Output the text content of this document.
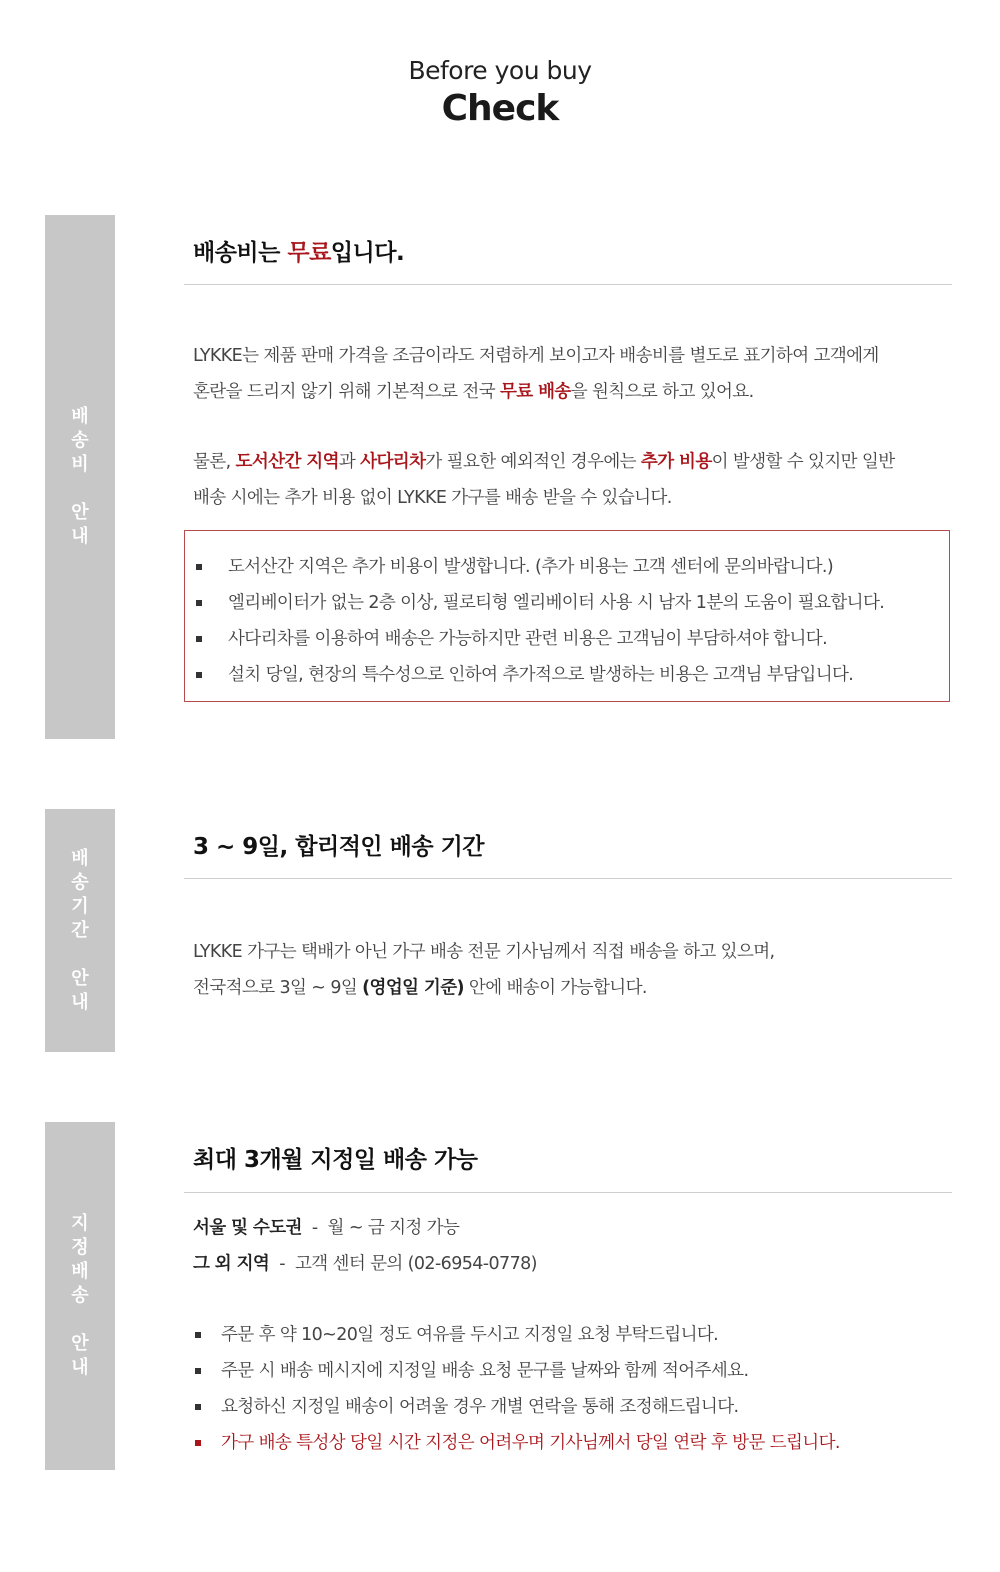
Before you buy
Check
배
송
비

안
내
배송비는 무료입니다.
LYKKE는 제품 판매 가격을 조금이라도 저렴하게 보이고자 배송비를 별도로 표기하여 고객에게
혼란을 드리지 않기 위해 기본적으로 전국 무료 배송을 원칙으로 하고 있어요.
물론, 도서산간 지역과 사다리차가 필요한 예외적인 경우에는 추가 비용이 발생할 수 있지만 일반
배송 시에는 추가 비용 없이 LYKKE 가구를 배송 받을 수 있습니다.
도서산간 지역은 추가 비용이 발생합니다. (추가 비용는 고객 센터에 문의바랍니다.)
엘리베이터가 없는 2층 이상, 필로티형 엘리베이터 사용 시 남자 1분의 도움이 필요합니다.
사다리차를 이용하여 배송은 가능하지만 관련 비용은 고객님이 부담하셔야 합니다.
설치 당일, 현장의 특수성으로 인하여 추가적으로 발생하는 비용은 고객님 부담입니다.
배
송
기
간

안
내
3 ~ 9일, 합리적인 배송 기간
LYKKE 가구는 택배가 아닌 가구 배송 전문 기사님께서 직접 배송을 하고 있으며,
전국적으로 3일 ~ 9일 (영업일 기준) 안에 배송이 가능합니다.
지
정
배
송

안
내
최대 3개월 지정일 배송 가능
서울 및 수도권 - 월 ~ 금 지정 가능
그 외 지역 - 고객 센터 문의 (02-6954-0778)
주문 후 약 10~20일 정도 여유를 두시고 지정일 요청 부탁드립니다.
주문 시 배송 메시지에 지정일 배송 요청 문구를 날짜와 함께 적어주세요.
요청하신 지정일 배송이 어려울 경우 개별 연락을 통해 조정해드립니다.
가구 배송 특성상 당일 시간 지정은 어려우며 기사님께서 당일 연락 후 방문 드립니다.
